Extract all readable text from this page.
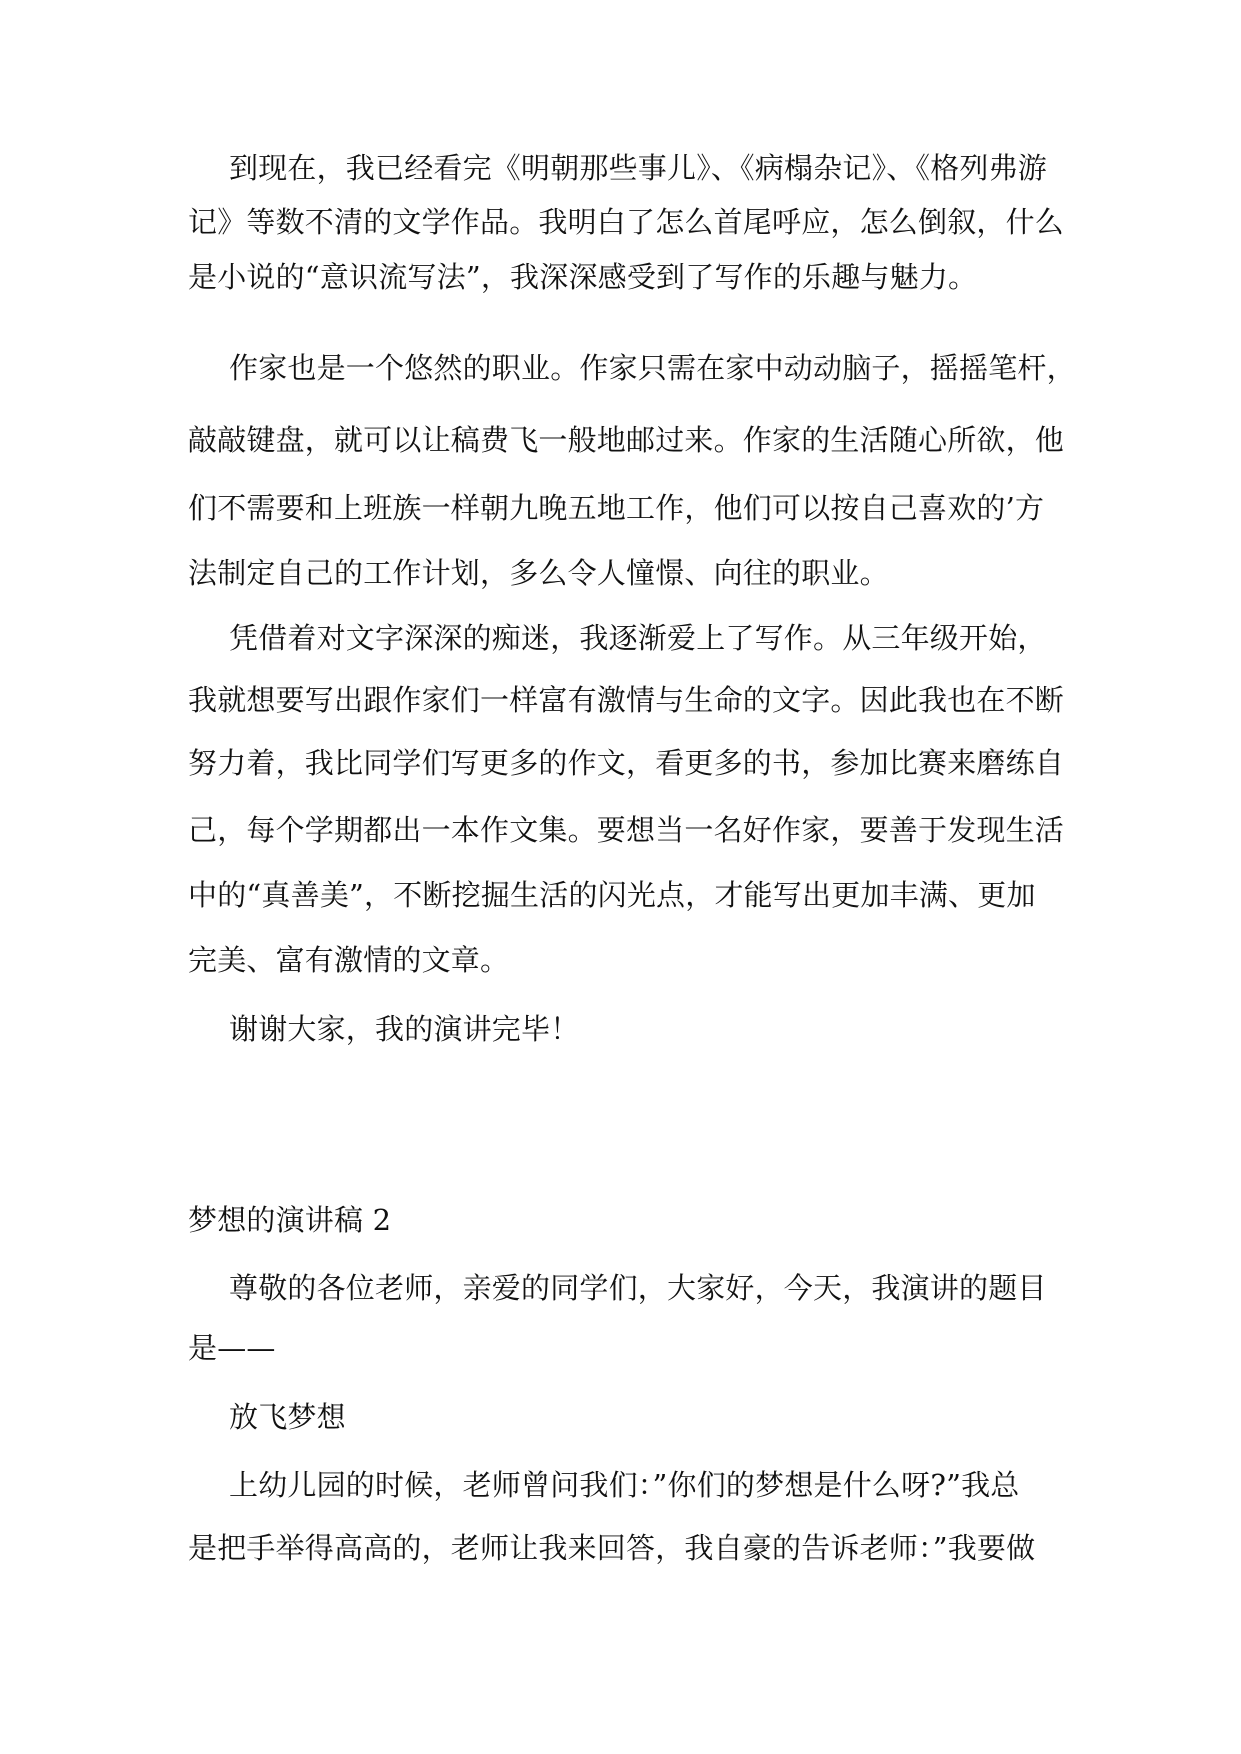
到现在，我已经看完《明朝那些事儿》、《病榻杂记》、《格列弗游
记》等数不清的文学作品。我明白了怎么首尾呼应，怎么倒叙，什么
是小说的“意识流写法”，我深深感受到了写作的乐趣与魅力。
作家也是一个悠然的职业。作家只需在家中动动脑子，摇摇笔杆，
敲敲键盘，就可以让稿费飞一般地邮过来。作家的生活随心所欲，他
们不需要和上班族一样朝九晚五地工作，他们可以按自己喜欢的’方
法制定自己的工作计划，多么令人憧憬、向往的职业。
凭借着对文字深深的痴迷，我逐渐爱上了写作。从三年级开始，
我就想要写出跟作家们一样富有激情与生命的文字。因此我也在不断
努力着，我比同学们写更多的作文，看更多的书，参加比赛来磨练自
己，每个学期都出一本作文集。要想当一名好作家，要善于发现生活
中的“真善美”，不断挖掘生活的闪光点，才能写出更加丰满、更加
完美、富有激情的文章。
谢谢大家，我的演讲完毕！
梦想的演讲稿 2
尊敬的各位老师，亲爱的同学们，大家好，今天，我演讲的题目
是——
放飞梦想
上幼儿园的时候，老师曾问我们：”你们的梦想是什么呀?”我总
是把手举得高高的，老师让我来回答，我自豪的告诉老师：”我要做
